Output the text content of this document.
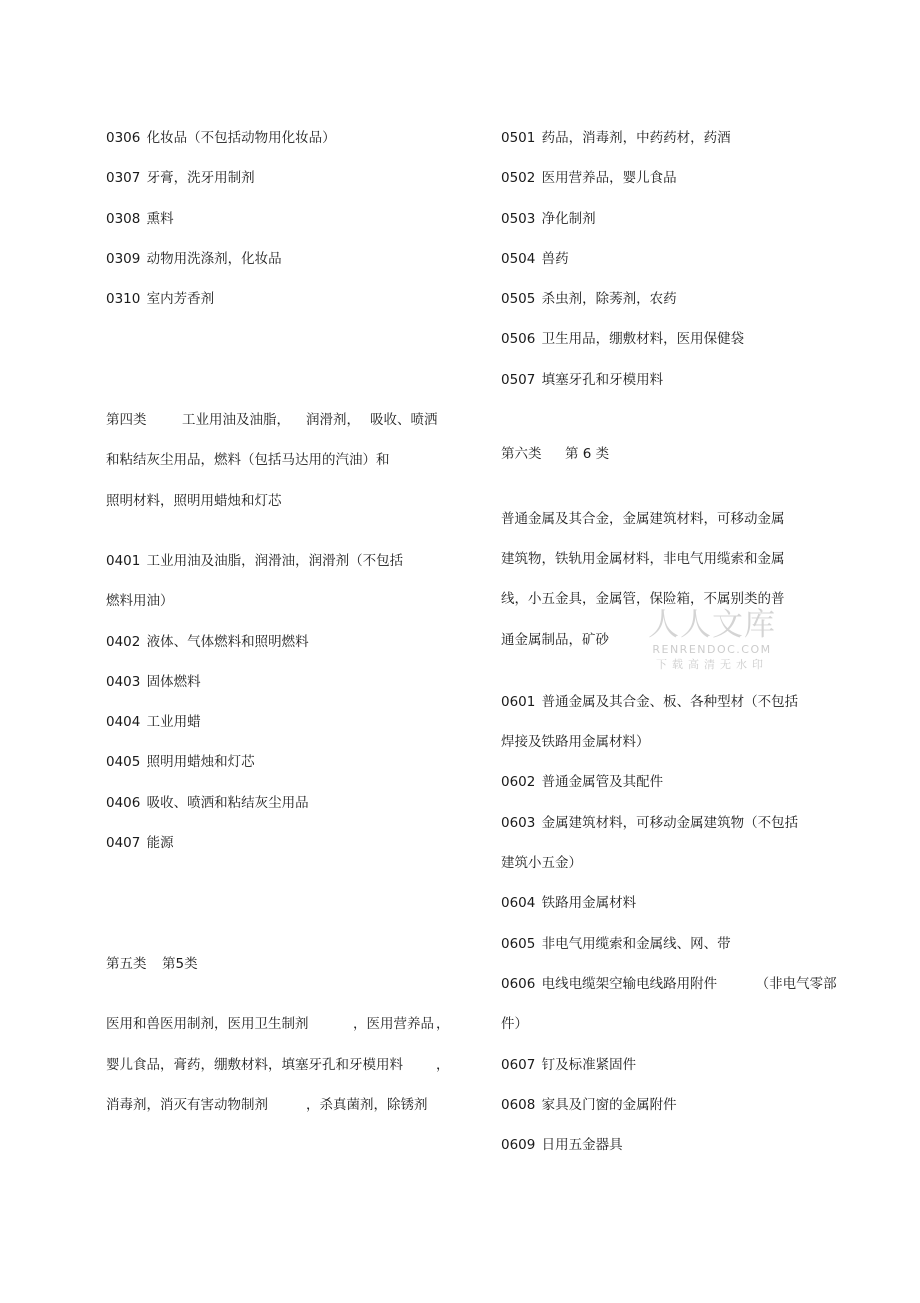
0306 化妆品（不包括动物用化妆品）
0307 牙膏，洗牙用制剂
0308 熏料
0309 动物用洗涤剂，化妆品
0310 室内芳香剂
第四类	工业用油及油脂，	润滑剂， 吸收、喷洒
和粘结灰尘用品，燃料（包括马达用的汽油）和
照明材料，照明用蜡烛和灯芯
0401 工业用油及油脂，润滑油，润滑剂（不包括
燃料用油）
0402 液体、气体燃料和照明燃料
0403 固体燃料
0404 工业用蜡
0405 照明用蜡烛和灯芯
0406 吸收、喷洒和粘结灰尘用品
0407 能源
第五类	第5类
医用和兽医用制剂，医用卫生制剂	，医用营养品 ，
婴儿食品，膏药，绷敷材料，填塞牙孔和牙模用料 ，
消毒剂，消灭有害动物制剂	，杀真菌剂，除锈剂
0501 药品，消毒剂，中药药材，药酒
0502 医用营养品，婴儿食品
0503 净化制剂
0504 兽药
0505 杀虫剂，除莠剂，农药
0506 卫生用品，绷敷材料，医用保健袋
0507 填塞牙孔和牙模用料
第六类	第 6 类
普通金属及其合金，金属建筑材料，可移动金属
建筑物，铁轨用金属材料，非电气用缆索和金属
线，小五金具，金属管，保险箱，不属别类的普
通金属制品，矿砂
0601 普通金属及其合金、板、各种型材（不包括
焊接及铁路用金属材料）
0602 普通金属管及其配件
0603 金属建筑材料，可移动金属建筑物（不包括
建筑小五金）
0604 铁路用金属材料
0605 非电气用缆索和金属线、网、带
0606 电线电缆架空输电线路用附件	（非电气零部
件）
0607 钉及标准紧固件
0608 家具及门窗的金属附件
0609 日用五金器具
人人文库
RENRENDOC.COM
下载高清无水印
